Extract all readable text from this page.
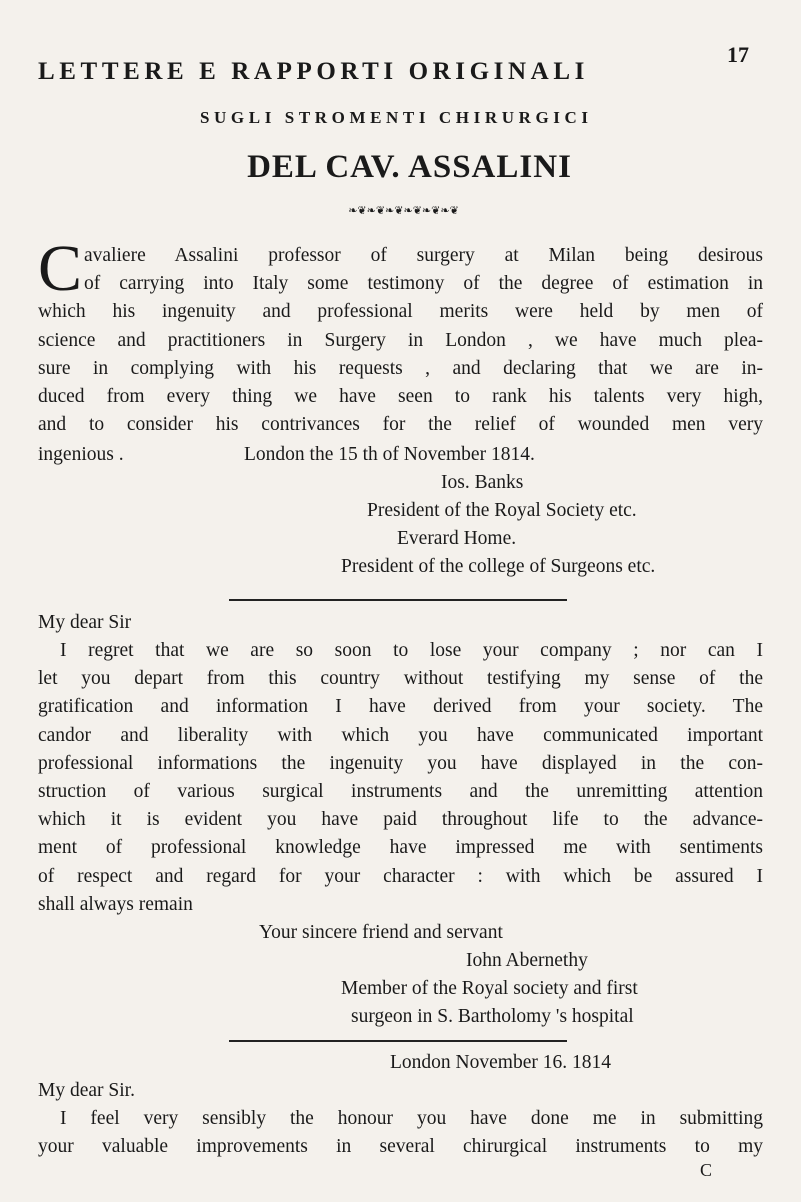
17
LETTERE E RAPPORTI ORIGINALI
SUGLI STROMENTI CHIRURGICI
DEL CAV. ASSALINI
❧❦❧❦❧❦❧❦❧❦❧❦
C avaliere Assalini professor of surgery at Milan being desirous
of carrying into Italy some testimony of the degree of estimation in
which his ingenuity and professional merits were held by men of
science and practitioners in Surgery in London , we have much plea-
sure in complying with his requests , and declaring that we are in-
duced from every thing we have seen to rank his talents very high,
and to consider his contrivances for the relief of wounded men very
ingenious .	London the 15 th of November 1814.
Ios. Banks
President of the Royal Society etc.
Everard Home.
President of the college of Surgeons etc.
My dear Sir
I regret that we are so soon to lose your company ; nor can I
let you depart from this country without testifying my sense of the
gratification and information I have derived from your society. The
candor and liberality with which you have communicated important
professional informations the ingenuity you have displayed in the con-
struction of various surgical instruments and the unremitting attention
which it is evident you have paid throughout life to the advance-
ment of professional knowledge have impressed me with sentiments
of respect and regard for your character : with which be assured I
shall always remain
Your sincere friend and servant
Iohn Abernethy
Member of the Royal society and first
surgeon in S. Bartholomy 's hospital
London November 16. 1814
My dear Sir.
I feel very sensibly the honour you have done me in submitting
your valuable improvements in several chirurgical instruments to my
C
